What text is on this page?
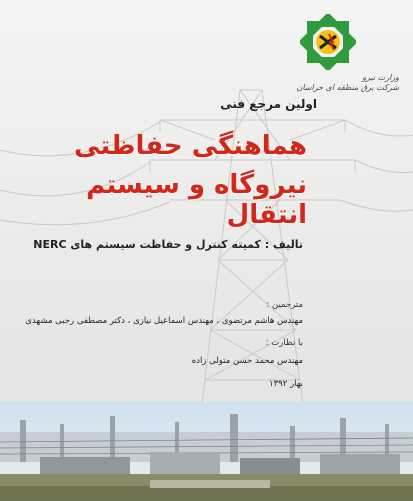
وزارت نیرو
شرکت برق منطقه ای خراسان
اولین مرجع فنی
هماهنگی حفاظتی
نیروگاه و سیستم انتقال
تالیف : کمیته کنترل و حفاظت سیستم های NERC
مترجمین :
مهندس هاشم مرتضوی ، مهندس اسماعیل نیازی ، دکتر مصطفی رجبی مشهدی
با نظارت :
مهندس محمد حسن متولی زاده
بهار ۱۳۹۲
